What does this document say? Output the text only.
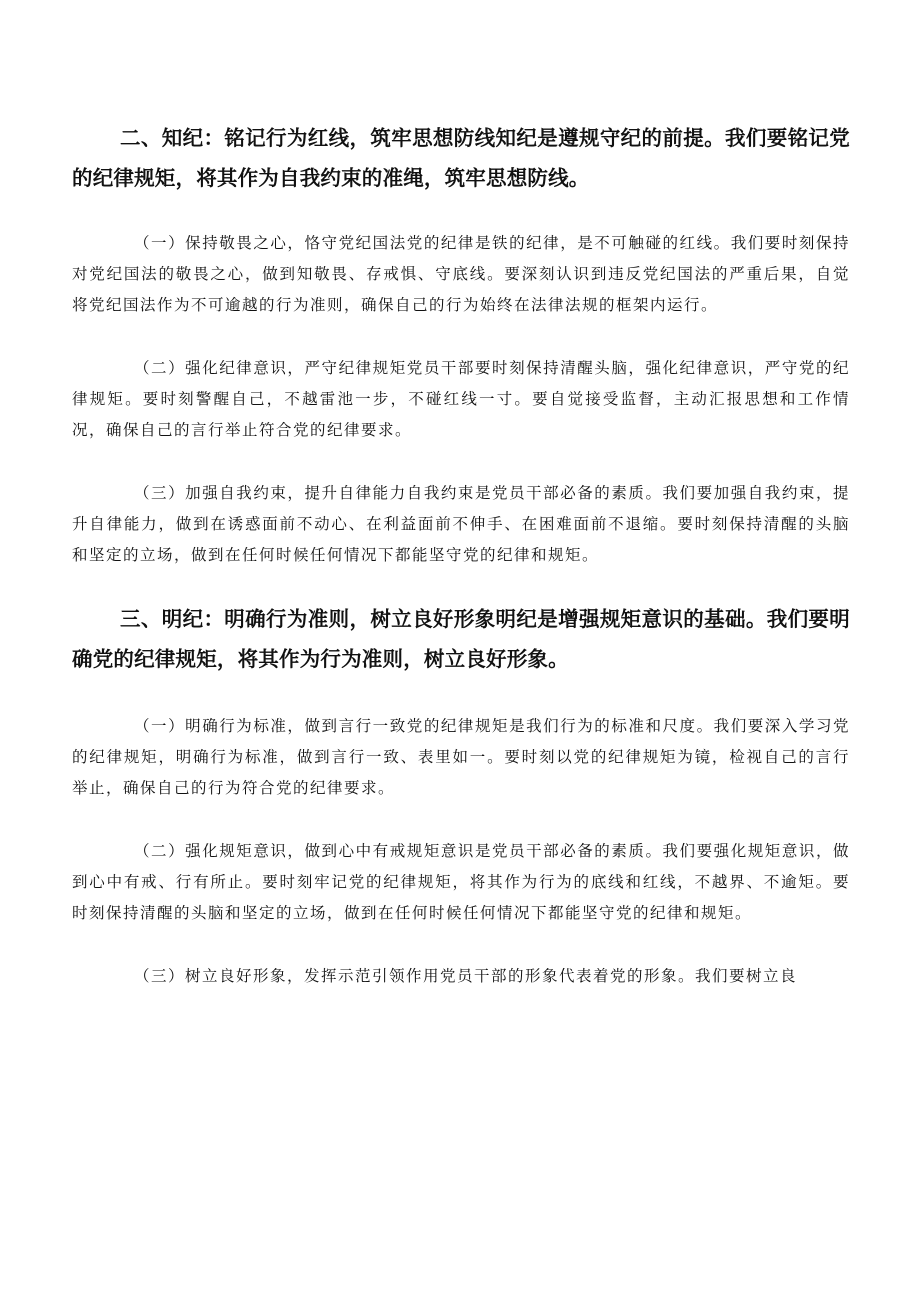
二、知纪：铭记行为红线，筑牢思想防线知纪是遵规守纪的前提。我们要铭记党的纪律规矩，将其作为自我约束的准绳，筑牢思想防线。

（一）保持敬畏之心，恪守党纪国法党的纪律是铁的纪律，是不可触碰的红线。我们要时刻保持对党纪国法的敬畏之心，做到知敬畏、存戒惧、守底线。要深刻认识到违反党纪国法的严重后果，自觉将党纪国法作为不可逾越的行为准则，确保自己的行为始终在法律法规的框架内运行。

（二）强化纪律意识，严守纪律规矩党员干部要时刻保持清醒头脑，强化纪律意识，严守党的纪律规矩。要时刻警醒自己，不越雷池一步，不碰红线一寸。要自觉接受监督，主动汇报思想和工作情况，确保自己的言行举止符合党的纪律要求。

（三）加强自我约束，提升自律能力自我约束是党员干部必备的素质。我们要加强自我约束，提升自律能力，做到在诱惑面前不动心、在利益面前不伸手、在困难面前不退缩。要时刻保持清醒的头脑和坚定的立场，做到在任何时候任何情况下都能坚守党的纪律和规矩。

三、明纪：明确行为准则，树立良好形象明纪是增强规矩意识的基础。我们要明确党的纪律规矩，将其作为行为准则，树立良好形象。

（一）明确行为标准，做到言行一致党的纪律规矩是我们行为的标准和尺度。我们要深入学习党的纪律规矩，明确行为标准，做到言行一致、表里如一。要时刻以党的纪律规矩为镜，检视自己的言行举止，确保自己的行为符合党的纪律要求。

（二）强化规矩意识，做到心中有戒规矩意识是党员干部必备的素质。我们要强化规矩意识，做到心中有戒、行有所止。要时刻牢记党的纪律规矩，将其作为行为的底线和红线，不越界、不逾矩。要时刻保持清醒的头脑和坚定的立场，做到在任何时候任何情况下都能坚守党的纪律和规矩。

（三）树立良好形象，发挥示范引领作用党员干部的形象代表着党的形象。我们要树立良
